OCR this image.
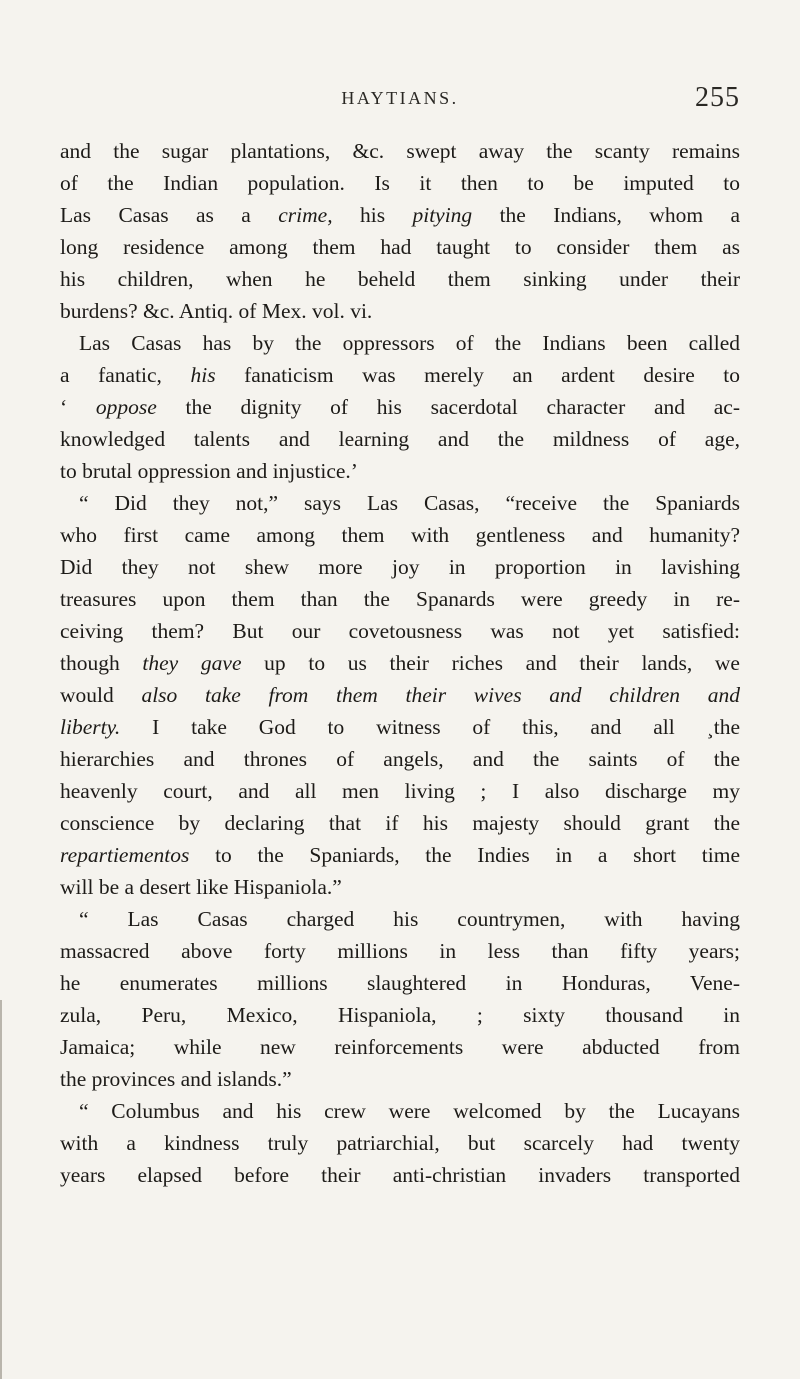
HAYTIANS.	255
and the sugar plantations, &c. swept away the scanty remains
of the Indian population. Is it then to be imputed to
Las Casas as a crime, his pitying the Indians, whom a
long residence among them had taught to consider them as
his children, when he beheld them sinking under their
burdens? &c. Antiq. of Mex. vol. vi.
Las Casas has by the oppressors of the Indians been called
a fanatic, his fanaticism was merely an ardent desire to
‘ oppose the dignity of his sacerdotal character and ac-
knowledged talents and learning and the mildness of age,
to brutal oppression and injustice.’
“ Did they not,” says Las Casas, “receive the Spaniards
who first came among them with gentleness and humanity?
Did they not shew more joy in proportion in lavishing
treasures upon them than the Spanards were greedy in re-
ceiving them? But our covetousness was not yet satisfied:
though they gave up to us their riches and their lands, we
would also take from them their wives and children and
liberty. I take God to witness of this, and all ¸the
hierarchies and thrones of angels, and the saints of the
heavenly court, and all men living ; I also discharge my
conscience by declaring that if his majesty should grant the
repartiementos to the Spaniards, the Indies in a short time
will be a desert like Hispaniola.”
“ Las Casas charged his countrymen, with having
massacred above forty millions in less than fifty years;
he enumerates millions slaughtered in Honduras, Vene-
zula, Peru, Mexico, Hispaniola, ; sixty thousand in
Jamaica; while new reinforcements were abducted from
the provinces and islands.”
“ Columbus and his crew were welcomed by the Lucayans
with a kindness truly patriarchial, but scarcely had twenty
years elapsed before their anti-christian invaders transported
